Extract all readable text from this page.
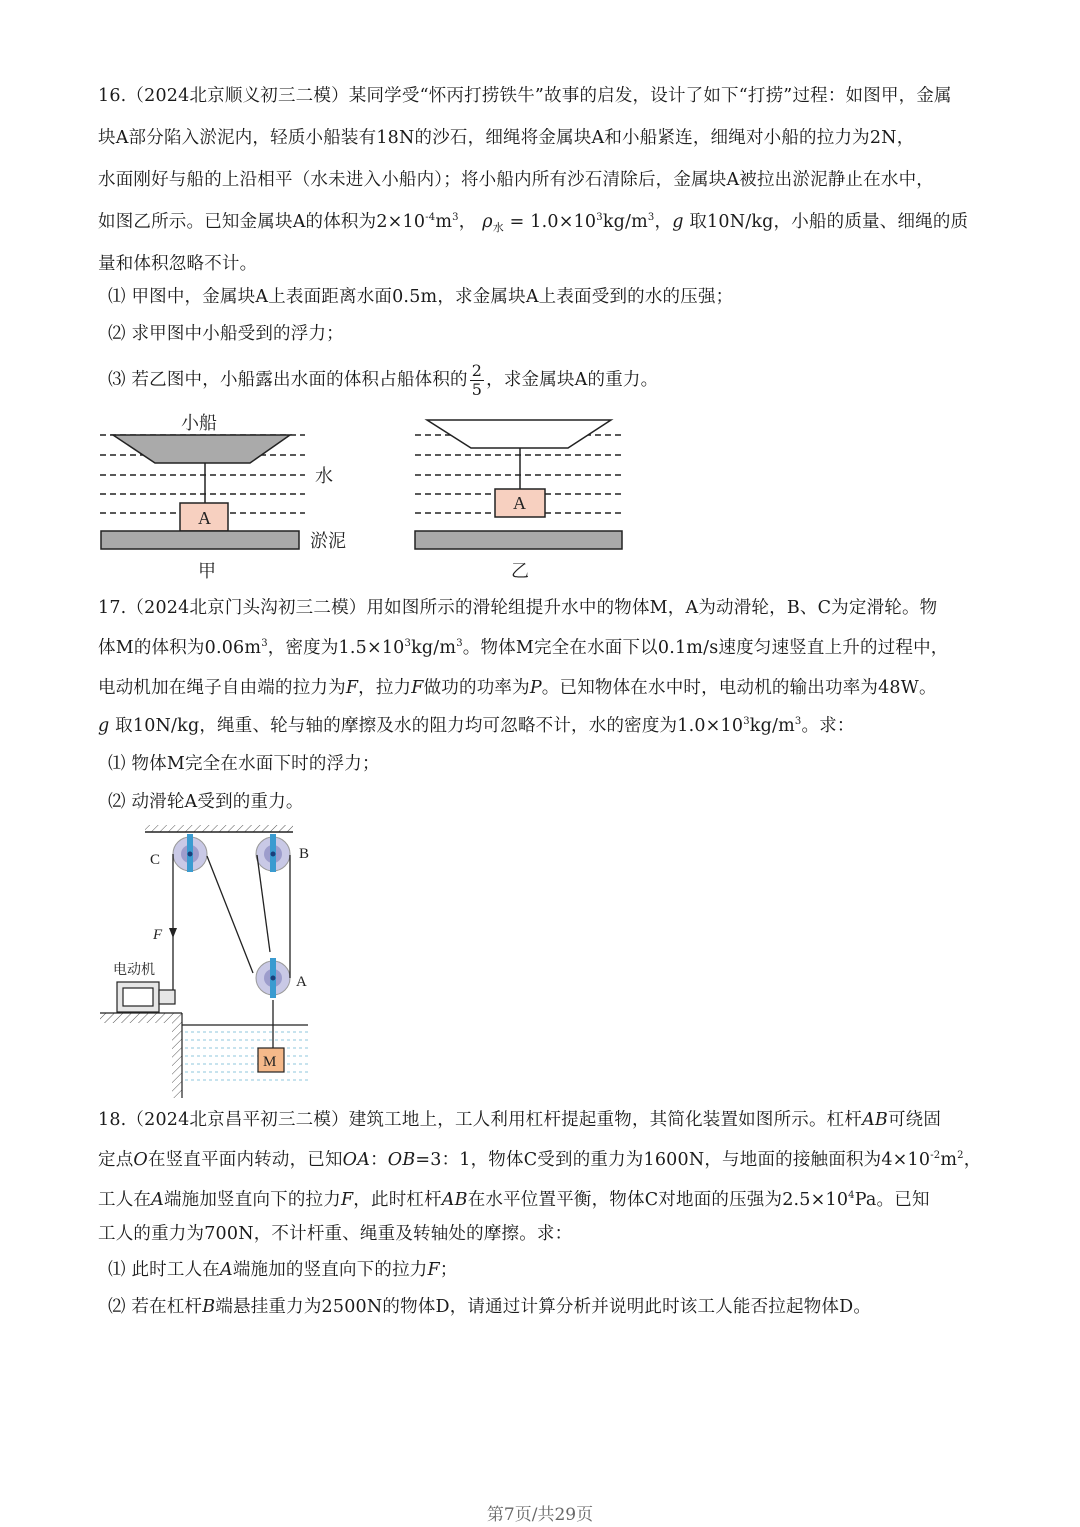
16.（2024北京顺义初三二模）某同学受“怀丙打捞铁牛”故事的启发，设计了如下“打捞”过程：如图甲，金属
块A部分陷入淤泥内，轻质小船装有18N的沙石，细绳将金属块A和小船紧连，细绳对小船的拉力为2N，
水面刚好与船的上沿相平（水未进入小船内）；将小船内所有沙石清除后，金属块A被拉出淤泥静止在水中，
如图乙所示。已知金属块A的体积为$2\times 10^{-4}m^3$， $\rho_水 = 1.0\times 10^3kg/m^3$，g 取10N/kg，小船的质量、细绳的质
量和体积忽略不计。
⑴ 甲图中，金属块A上表面距离水面0.5m，求金属块A上表面受到的水的压强；
⑵ 求甲图中小船受到的浮力；
⑶ 若乙图中，小船露出水面的体积占船体积的 $\frac{2}{5}$ ，求金属块A的重力。
小船
水
淤泥
A
甲
A
乙
17.（2024北京门头沟初三二模）用如图所示的滑轮组提升水中的物体M，A为动滑轮，B、C为定滑轮。物
体M的体积为$0.06m^3$，密度为$1.5\times 10^3kg/m^3$。物体M完全在水面下以0.1m/s速度匀速竖直上升的过程中，
电动机加在绳子自由端的拉力为F，拉力F做功的功率为P。已知物体在水中时，电动机的输出功率为48W。
g 取10N/kg，绳重、轮与轴的摩擦及水的阻力均可忽略不计，水的密度为$1.0\times 10^3kg/m^3$。求：
⑴ 物体M完全在水面下时的浮力；
⑵ 动滑轮A受到的重力。
C	B
A
F
电动机
M
18.（2024北京昌平初三二模）建筑工地上，工人利用杠杆提起重物，其简化装置如图所示。杠杆AB可绕固
定点O在竖直平面内转动，已知OA：OB=3：1，物体C受到的重力为1600N，与地面的接触面积为$4\times 10^{-2}m^2$，
工人在A端施加竖直向下的拉力F，此时杠杆AB在水平位置平衡，物体C对地面的压强为$2.5\times 10^4Pa$。已知
工人的重力为700N，不计杆重、绳重及转轴处的摩擦。求：
⑴ 此时工人在A端施加的竖直向下的拉力F；
⑵ 若在杠杆B端悬挂重力为2500N的物体D，请通过计算分析并说明此时该工人能否拉起物体D。
第7页/共29页
